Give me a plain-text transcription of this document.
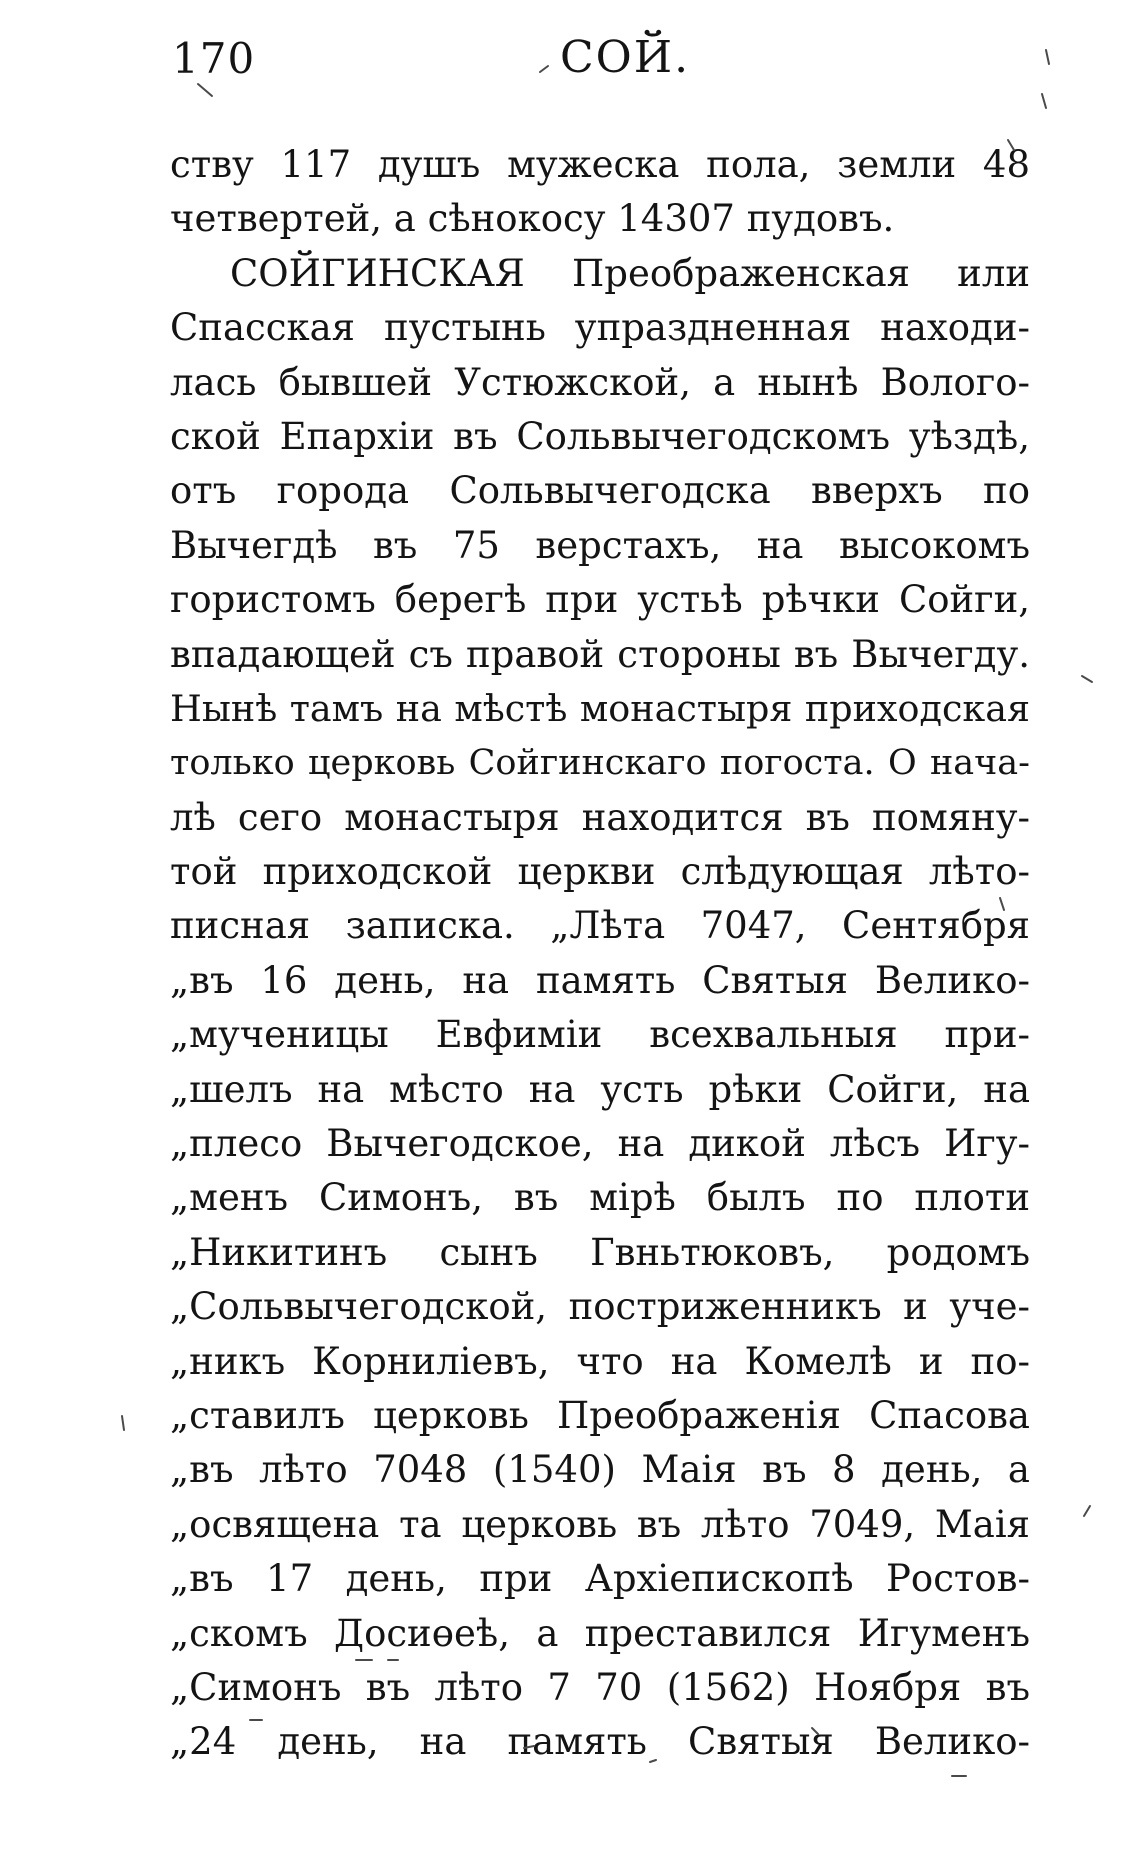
170	СОЙ.
ству 117 душъ мужеска пола, земли 48
четвертей, а сѣнокосу 14307 пудовъ.
СОЙГИНСКАЯ Преображенская или
Спасская пустынь упраздненная находи-
лась бывшей Устюжской, а нынѣ Волого-
ской Епархiи въ Сольвычегодскомъ уѣздѣ,
отъ города Сольвычегодска вверхъ по
Вычегдѣ въ 75 верстахъ, на высокомъ
гористомъ берегѣ при устьѣ рѣчки Сойги,
впадающей съ правой стороны въ Вычегду.
Нынѣ тамъ на мѣстѣ монастыря приходская
только церковь Сойгинскаго погоста. О нача-
лѣ сего монастыря находится въ помяну-
той приходской церкви слѣдующая лѣто-
писная записка. „Лѣта 7047, Сентября
„въ 16 день, на память Святыя Велико-
„мученицы Евфимiи всехвальныя при-
„шелъ на мѣсто на усть рѣки Сойги, на
„плесо Вычегодское, на дикой лѣсъ Игу-
„менъ Симонъ, въ мiрѣ былъ по плоти
„Никитинъ сынъ Гвньтюковъ, родомъ
„Сольвычегодской, постриженникъ и уче-
„никъ Корнилiевъ, что на Комелѣ и по-
„ставилъ церковь Преображенiя Спасова
„въ лѣто 7048 (1540) Маiя въ 8 день, а
„освящена та церковь въ лѣто 7049, Маiя
„въ 17 день, при Архiепископѣ Ростов-
„скомъ Досиөеѣ, а преставился Игуменъ
„Симонъ въ лѣто 7 70 (1562) Ноября въ
„24 день, на память Святыя Велико-
